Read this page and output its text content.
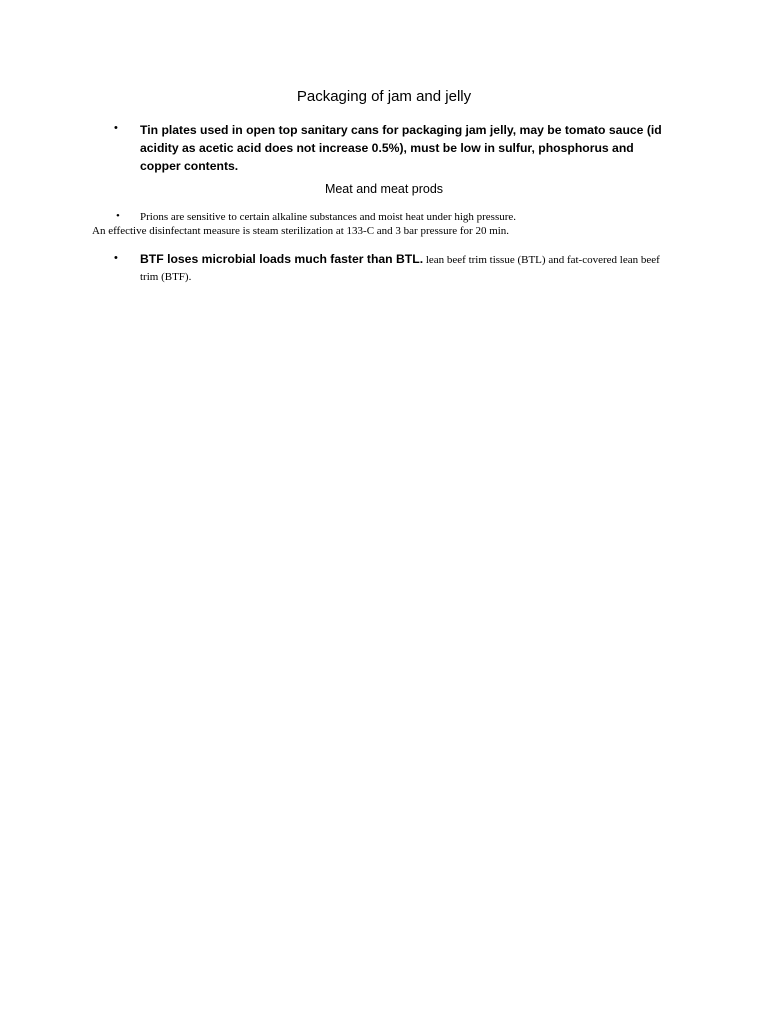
Packaging of jam and jelly
• Tin plates used in open top sanitary cans for packaging jam jelly, may be tomato sauce (id acidity as acetic acid does not increase 0.5%), must be low in sulfur, phosphorus and copper contents.
Meat and meat prods
• Prions are sensitive to certain alkaline substances and moist heat under high pressure.
An effective disinfectant measure is steam sterilization at 133-C and 3 bar pressure for 20 min.
• BTF loses microbial loads much faster than BTL. lean beef trim tissue (BTL) and fat-covered lean beef trim (BTF).
